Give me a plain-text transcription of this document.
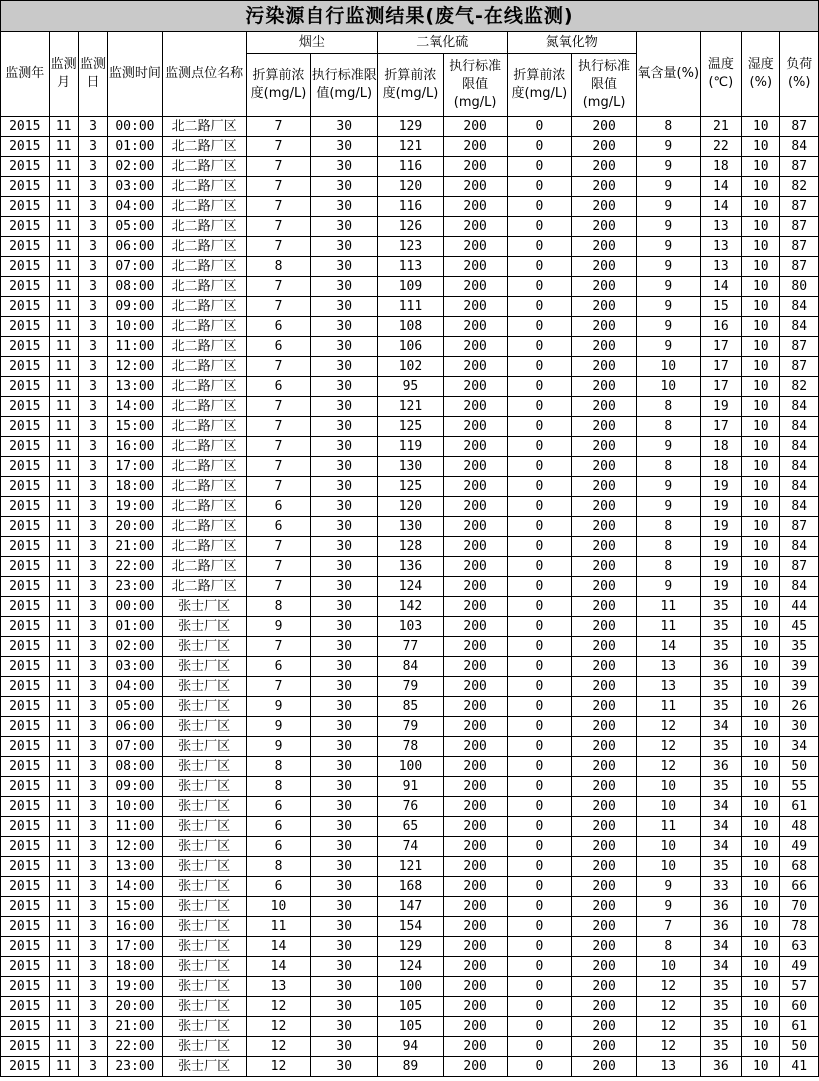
污染源自行监测结果(废气-在线监测)
监测年	监测月	监测日	监测时间	监测点位名称	烟尘		二氧化硫		氮氧化物		氧含量(%)	温度(℃)	湿度(%)	负荷(%)
					折算前浓度(mg/L)	执行标准限值(mg/L)	折算前浓度(mg/L)	执行标准限值(mg/L)	折算前浓度(mg/L)	执行标准限值(mg/L)				
2015	11	3	00:00	北二路厂区	7	30	129	200	0	200	8	21	10	87
2015	11	3	01:00	北二路厂区	7	30	121	200	0	200	9	22	10	84
2015	11	3	02:00	北二路厂区	7	30	116	200	0	200	9	18	10	87
2015	11	3	03:00	北二路厂区	7	30	120	200	0	200	9	14	10	82
2015	11	3	04:00	北二路厂区	7	30	116	200	0	200	9	14	10	87
2015	11	3	05:00	北二路厂区	7	30	126	200	0	200	9	13	10	87
2015	11	3	06:00	北二路厂区	7	30	123	200	0	200	9	13	10	87
2015	11	3	07:00	北二路厂区	8	30	113	200	0	200	9	13	10	87
2015	11	3	08:00	北二路厂区	7	30	109	200	0	200	9	14	10	80
2015	11	3	09:00	北二路厂区	7	30	111	200	0	200	9	15	10	84
2015	11	3	10:00	北二路厂区	6	30	108	200	0	200	9	16	10	84
2015	11	3	11:00	北二路厂区	6	30	106	200	0	200	9	17	10	87
2015	11	3	12:00	北二路厂区	7	30	102	200	0	200	10	17	10	87
2015	11	3	13:00	北二路厂区	6	30	95	200	0	200	10	17	10	82
2015	11	3	14:00	北二路厂区	7	30	121	200	0	200	8	19	10	84
2015	11	3	15:00	北二路厂区	7	30	125	200	0	200	8	17	10	84
2015	11	3	16:00	北二路厂区	7	30	119	200	0	200	9	18	10	84
2015	11	3	17:00	北二路厂区	7	30	130	200	0	200	8	18	10	84
2015	11	3	18:00	北二路厂区	7	30	125	200	0	200	9	19	10	84
2015	11	3	19:00	北二路厂区	6	30	120	200	0	200	9	19	10	84
2015	11	3	20:00	北二路厂区	6	30	130	200	0	200	8	19	10	87
2015	11	3	21:00	北二路厂区	7	30	128	200	0	200	8	19	10	84
2015	11	3	22:00	北二路厂区	7	30	136	200	0	200	8	19	10	87
2015	11	3	23:00	北二路厂区	7	30	124	200	0	200	9	19	10	84
2015	11	3	00:00	张士厂区	8	30	142	200	0	200	11	35	10	44
2015	11	3	01:00	张士厂区	9	30	103	200	0	200	11	35	10	45
2015	11	3	02:00	张士厂区	7	30	77	200	0	200	14	35	10	35
2015	11	3	03:00	张士厂区	6	30	84	200	0	200	13	36	10	39
2015	11	3	04:00	张士厂区	7	30	79	200	0	200	13	35	10	39
2015	11	3	05:00	张士厂区	9	30	85	200	0	200	11	35	10	26
2015	11	3	06:00	张士厂区	9	30	79	200	0	200	12	34	10	30
2015	11	3	07:00	张士厂区	9	30	78	200	0	200	12	35	10	34
2015	11	3	08:00	张士厂区	8	30	100	200	0	200	12	36	10	50
2015	11	3	09:00	张士厂区	8	30	91	200	0	200	10	35	10	55
2015	11	3	10:00	张士厂区	6	30	76	200	0	200	10	34	10	61
2015	11	3	11:00	张士厂区	6	30	65	200	0	200	11	34	10	48
2015	11	3	12:00	张士厂区	6	30	74	200	0	200	10	34	10	49
2015	11	3	13:00	张士厂区	8	30	121	200	0	200	10	35	10	68
2015	11	3	14:00	张士厂区	6	30	168	200	0	200	9	33	10	66
2015	11	3	15:00	张士厂区	10	30	147	200	0	200	9	36	10	70
2015	11	3	16:00	张士厂区	11	30	154	200	0	200	7	36	10	78
2015	11	3	17:00	张士厂区	14	30	129	200	0	200	8	34	10	63
2015	11	3	18:00	张士厂区	14	30	124	200	0	200	10	34	10	49
2015	11	3	19:00	张士厂区	13	30	100	200	0	200	12	35	10	57
2015	11	3	20:00	张士厂区	12	30	105	200	0	200	12	35	10	60
2015	11	3	21:00	张士厂区	12	30	105	200	0	200	12	35	10	61
2015	11	3	22:00	张士厂区	12	30	94	200	0	200	12	35	10	50
2015	11	3	23:00	张士厂区	12	30	89	200	0	200	13	36	10	41
